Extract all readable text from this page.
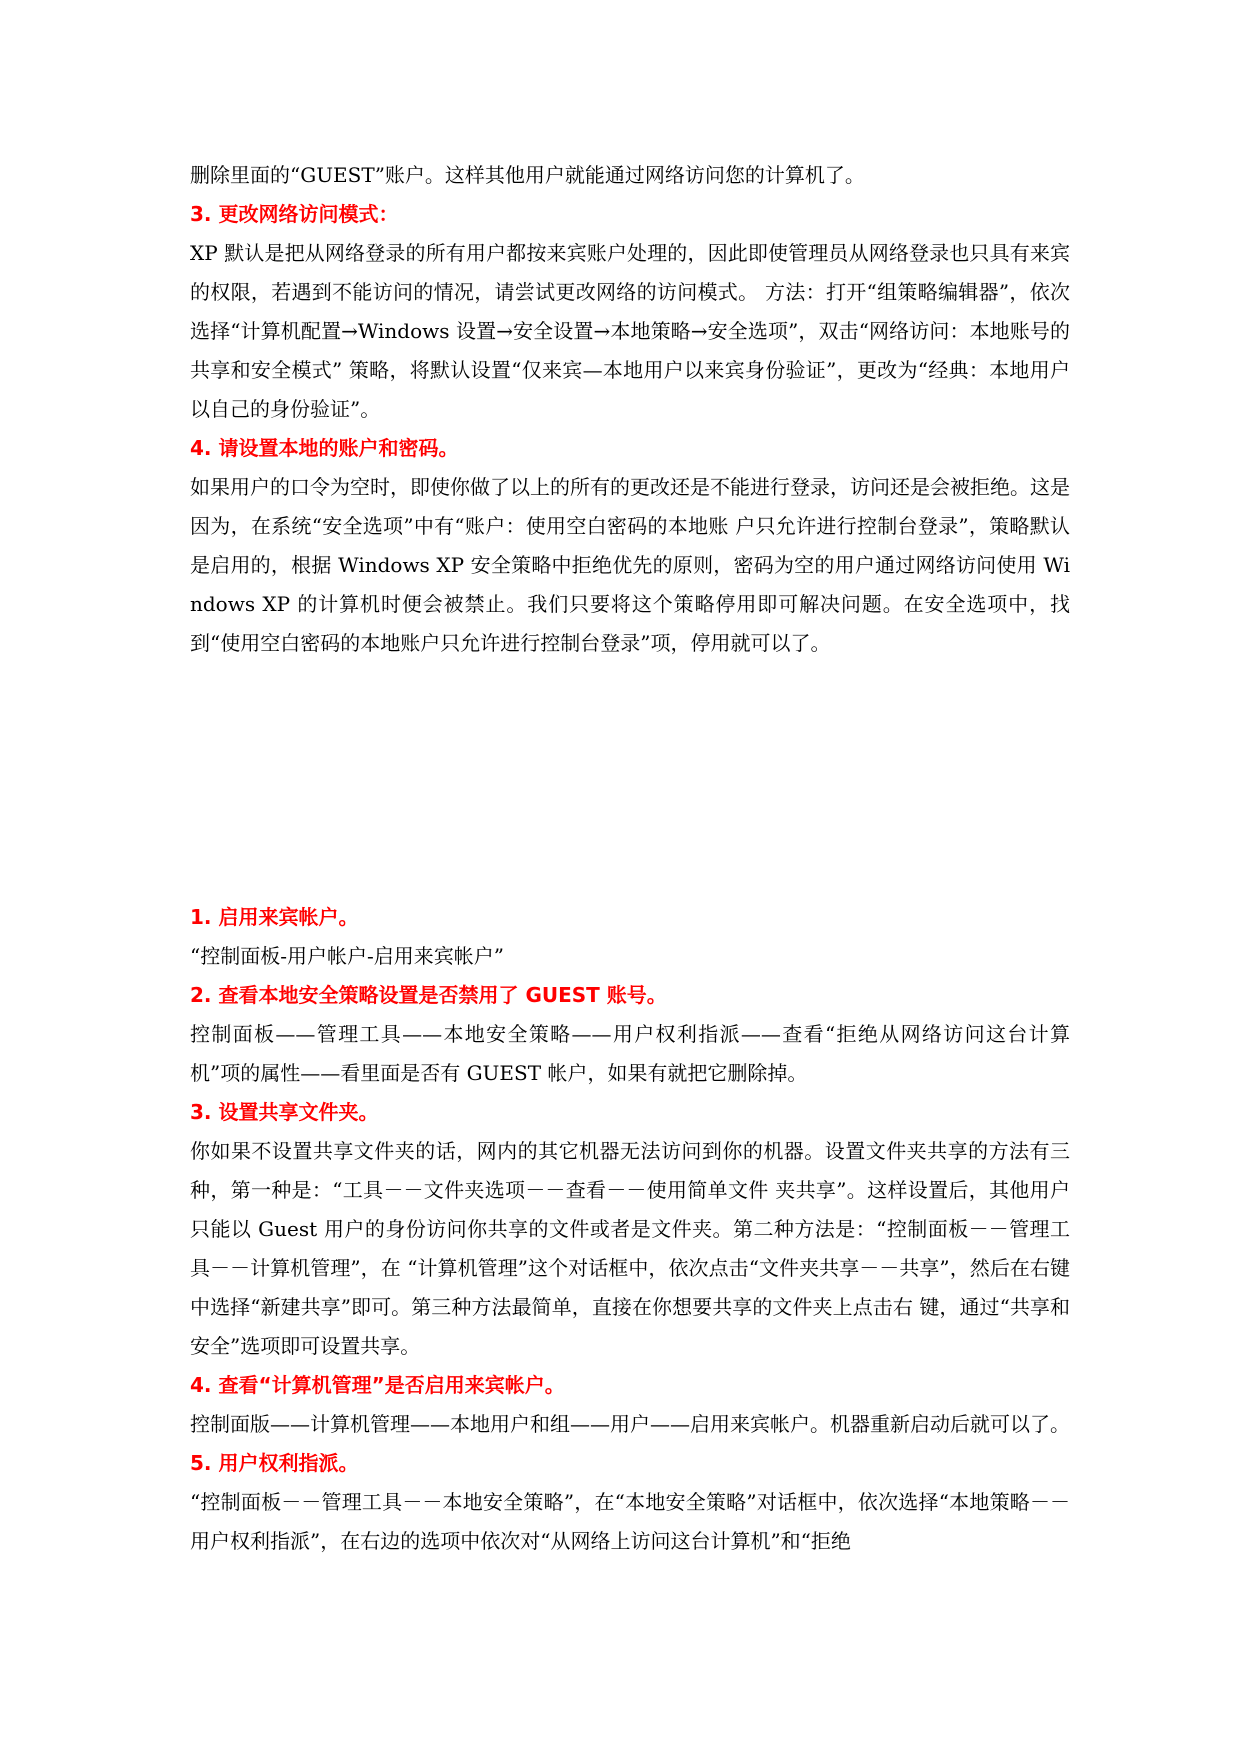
删除里面的“GUEST”账户。这样其他用户就能通过网络访问您的计算机了。

3. 更改网络访问模式：

XP 默认是把从网络登录的所有用户都按来宾账户处理的，因此即使管理员从网络登录也只具有来宾的权限，若遇到不能访问的情况，请尝试更改网络的访问模式。 方法：打开“组策略编辑器”，依次选择“计算机配置→Windows 设置→安全设置→本地策略→安全选项”，双击“网络访问：本地账号的共享和安全模式” 策略，将默认设置“仅来宾—本地用户以来宾身份验证”，更改为“经典：本地用户以自己的身份验证”。

4. 请设置本地的账户和密码。

如果用户的口令为空时，即使你做了以上的所有的更改还是不能进行登录，访问还是会被拒绝。这是因为，在系统“安全选项”中有“账户：使用空白密码的本地账 户只允许进行控制台登录”，策略默认是启用的，根据 Windows XP 安全策略中拒绝优先的原则，密码为空的用户通过网络访问使用 Windows XP 的计算机时便会被禁止。我们只要将这个策略停用即可解决问题。在安全选项中，找到“使用空白密码的本地账户只允许进行控制台登录”项，停用就可以了。

1. 启用来宾帐户。

“控制面板-用户帐户-启用来宾帐户”

2. 查看本地安全策略设置是否禁用了 GUEST 账号。

控制面板——管理工具——本地安全策略——用户权利指派——查看“拒绝从网络访问这台计算机”项的属性——看里面是否有 GUEST 帐户，如果有就把它删除掉。

3. 设置共享文件夹。

你如果不设置共享文件夹的话，网内的其它机器无法访问到你的机器。设置文件夹共享的方法有三种，第一种是：“工具－－文件夹选项－－查看－－使用简单文件 夹共享”。这样设置后，其他用户只能以 Guest 用户的身份访问你共享的文件或者是文件夹。第二种方法是：“控制面板－－管理工具－－计算机管理”，在 “计算机管理”这个对话框中，依次点击“文件夹共享－－共享”，然后在右键中选择“新建共享”即可。第三种方法最简单，直接在你想要共享的文件夹上点击右 键，通过“共享和安全”选项即可设置共享。

4. 查看“计算机管理”是否启用来宾帐户。

控制面版——计算机管理——本地用户和组——用户——启用来宾帐户。机器重新启动后就可以了。

5. 用户权利指派。

“控制面板－－管理工具－－本地安全策略”，在“本地安全策略”对话框中，依次选择“本地策略－－用户权利指派”，在右边的选项中依次对“从网络上访问这台计算机”和“拒绝
